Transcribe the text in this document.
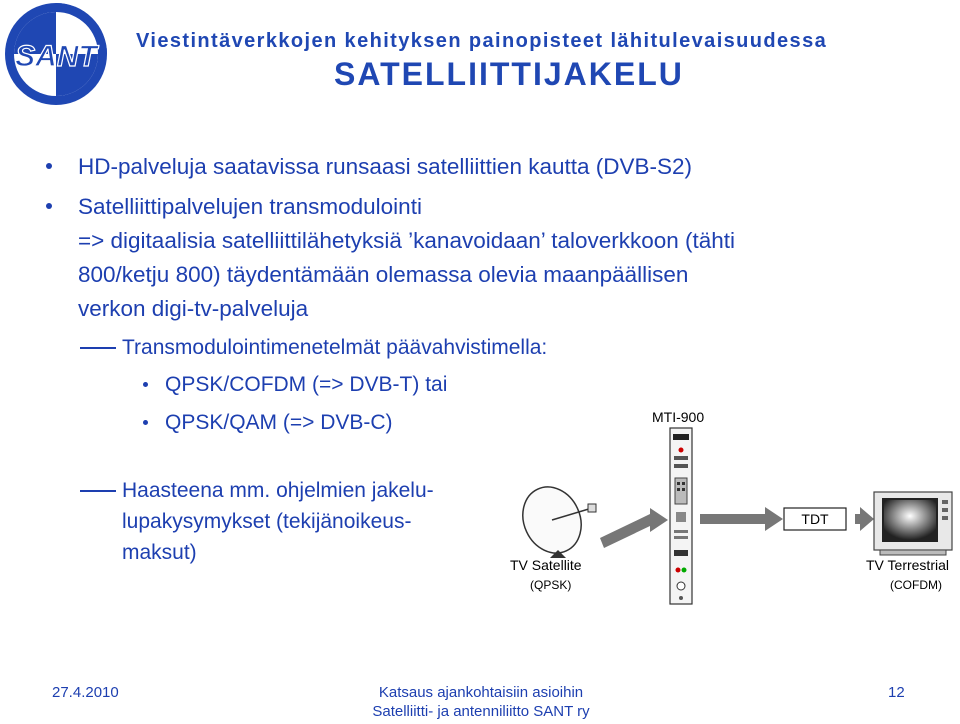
SANT Viestintäverkkojen kehityksen painopisteet lähitulevaisuudessa
SATELLIITTIJAKELU
HD-palveluja saatavissa runsaasi satelliittien kautta (DVB-S2)
Satelliittipalvelujen transmodulointi
=> digitaalisia satelliittilähetyksiä ’kanavoidaan’ taloverkkoon (tähti
800/ketju 800) täydentämään olemassa olevia maanpäällisen
verkon digi-tv-palveluja
Transmodulointimenetelmät päävahvistimella:
QPSK/COFDM (=> DVB-T) tai
QPSK/QAM (=> DVB-C)
Haasteena mm. ohjelmien jakelu-
lupakysymykset (tekijänoikeus-
maksut)
MTI-900
TDT
TV Satellite
(QPSK)
TV Terrestrial
(COFDM)
27.4.2010	Katsaus ajankohtaisiin asioihin
Satelliitti- ja antenniliitto SANT ry
12
